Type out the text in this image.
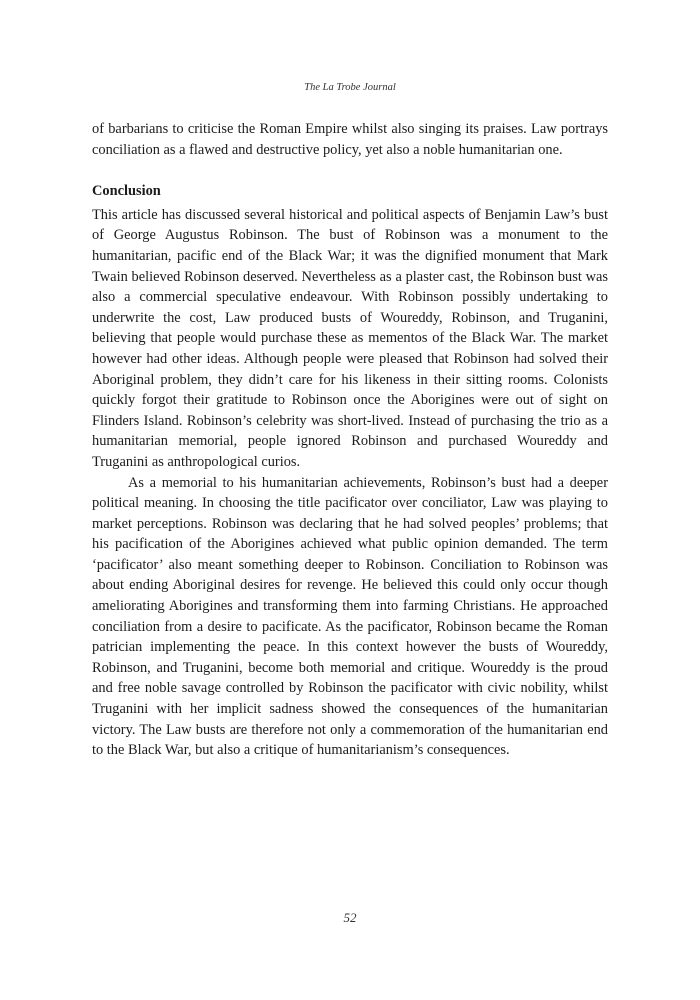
The La Trobe Journal

of barbarians to criticise the Roman Empire whilst also singing its praises. Law portrays conciliation as a flawed and destructive policy, yet also a noble humanitarian one.

Conclusion

This article has discussed several historical and political aspects of Benjamin Law’s bust of George Augustus Robinson. The bust of Robinson was a monument to the humanitarian, pacific end of the Black War; it was the dignified monument that Mark Twain believed Robinson deserved. Nevertheless as a plaster cast, the Robinson bust was also a commercial speculative endeavour. With Robinson possibly undertaking to underwrite the cost, Law produced busts of Woureddy, Robinson, and Truganini, believing that people would purchase these as mementos of the Black War. The market however had other ideas. Although people were pleased that Robinson had solved their Aboriginal problem, they didn’t care for his likeness in their sitting rooms. Colonists quickly forgot their gratitude to Robinson once the Aborigines were out of sight on Flinders Island. Robinson’s celebrity was short-lived. Instead of purchasing the trio as a humanitarian memorial, people ignored Robinson and purchased Woureddy and Truganini as anthropological curios.

As a memorial to his humanitarian achievements, Robinson’s bust had a deeper political meaning. In choosing the title pacificator over conciliator, Law was playing to market perceptions. Robinson was declaring that he had solved peoples’ problems; that his pacification of the Aborigines achieved what public opinion demanded. The term ‘pacificator’ also meant something deeper to Robinson. Conciliation to Robinson was about ending Aboriginal desires for revenge. He believed this could only occur though ameliorating Aborigines and transforming them into farming Christians. He approached conciliation from a desire to pacificate. As the pacificator, Robinson became the Roman patrician implementing the peace. In this context however the busts of Woureddy, Robinson, and Truganini, become both memorial and critique. Woureddy is the proud and free noble savage controlled by Robinson the pacificator with civic nobility, whilst Truganini with her implicit sadness showed the consequences of the humanitarian victory. The Law busts are therefore not only a commemoration of the humanitarian end to the Black War, but also a critique of humanitarianism’s consequences.

52
